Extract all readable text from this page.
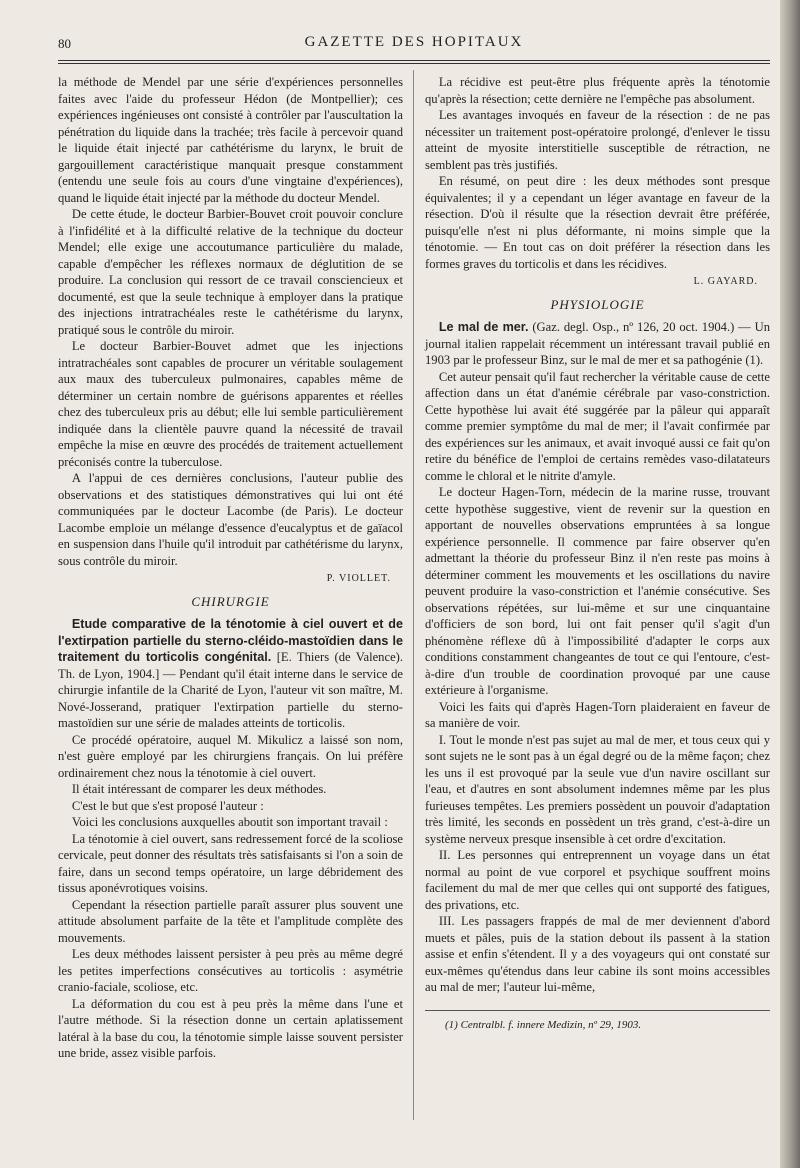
80	GAZETTE DES HOPITAUX

la méthode de Mendel par une série d'expériences personnelles faites avec l'aide du professeur Hédon (de Montpellier); ces expériences ingénieuses ont consisté à contrôler par l'auscultation la pénétration du liquide dans la trachée; très facile à percevoir quand le liquide était injecté par cathétérisme du larynx, le bruit de gargouillement caractéristique manquait presque constamment (entendu une seule fois au cours d'une vingtaine d'expériences), quand le liquide était injecté par la méthode du docteur Mendel.

De cette étude, le docteur Barbier-Bouvet croit pouvoir conclure à l'infidélité et à la difficulté relative de la technique du docteur Mendel; elle exige une accoutumance particulière du malade, capable d'empêcher les réflexes normaux de déglutition de se produire. La conclusion qui ressort de ce travail consciencieux et documenté, est que la seule technique à employer dans la pratique des injections intratrachéales reste le cathétérisme du larynx, pratiqué sous le contrôle du miroir.

Le docteur Barbier-Bouvet admet que les injections intratrachéales sont capables de procurer un véritable soulagement aux maux des tuberculeux pulmonaires, capables même de déterminer un certain nombre de guérisons apparentes et réelles chez des tuberculeux pris au début; elle lui semble particulièrement indiquée dans la clientèle pauvre quand la nécessité de travail empêche la mise en œuvre des procédés de traitement actuellement préconisés contre la tuberculose.

A l'appui de ces dernières conclusions, l'auteur publie des observations et des statistiques démonstratives qui lui ont été communiquées par le docteur Lacombe (de Paris). Le docteur Lacombe emploie un mélange d'essence d'eucalyptus et de gaïacol en suspension dans l'huile qu'il introduit par cathétérisme du larynx, sous contrôle du miroir.

P. VIOLLET.
CHIRURGIE

Etude comparative de la ténotomie à ciel ouvert et de l'extirpation partielle du sterno-cléido-mastoïdien dans le traitement du torticolis congénital. [E. Thiers (de Valence). Th. de Lyon, 1904.] — Pendant qu'il était interne dans le service de chirurgie infantile de la Charité de Lyon, l'auteur vit son maître, M. Nové-Josserand, pratiquer l'extirpation partielle du sterno-mastoïdien sur une série de malades atteints de torticolis.

Ce procédé opératoire, auquel M. Mikulicz a laissé son nom, n'est guère employé par les chirurgiens français. On lui préfère ordinairement chez nous la ténotomie à ciel ouvert.

Il était intéressant de comparer les deux méthodes.

C'est le but que s'est proposé l'auteur :

Voici les conclusions auxquelles aboutit son important travail :

La ténotomie à ciel ouvert, sans redressement forcé de la scoliose cervicale, peut donner des résultats très satisfaisants si l'on a soin de faire, dans un second temps opératoire, un large débridement des tissus aponévrotiques voisins.

Cependant la résection partielle paraît assurer plus souvent une attitude absolument parfaite de la tête et l'amplitude complète des mouvements.

Les deux méthodes laissent persister à peu près au même degré les petites imperfections consécutives au torticolis : asymétrie cranio-faciale, scoliose, etc.

La déformation du cou est à peu près la même dans l'une et l'autre méthode. Si la résection donne un certain aplatissement latéral à la base du cou, la ténotomie simple laisse souvent persister une bride, assez visible parfois.

La récidive est peut-être plus fréquente après la ténotomie qu'après la résection; cette dernière ne l'empêche pas absolument.

Les avantages invoqués en faveur de la résection : de ne pas nécessiter un traitement post-opératoire prolongé, d'enlever le tissu atteint de myosite interstitielle susceptible de rétraction, ne semblent pas très justifiés.

En résumé, on peut dire : les deux méthodes sont presque équivalentes; il y a cependant un léger avantage en faveur de la résection. D'où il résulte que la résection devrait être préférée, puisqu'elle n'est ni plus déformante, ni moins simple que la ténotomie. — En tout cas on doit préférer la résection dans les formes graves du torticolis et dans les récidives.

L. GAYARD.
PHYSIOLOGIE

Le mal de mer. (Gaz. degl. Osp., nº 126, 20 oct. 1904.) — Un journal italien rappelait récemment un intéressant travail publié en 1903 par le professeur Binz, sur le mal de mer et sa pathogénie (1).

Cet auteur pensait qu'il faut rechercher la véritable cause de cette affection dans un état d'anémie cérébrale par vaso-constriction. Cette hypothèse lui avait été suggérée par la pâleur qui apparaît comme premier symptôme du mal de mer; il l'avait confirmée par des expériences sur les animaux, et avait invoqué aussi ce fait qu'on retire du bénéfice de l'emploi de certains remèdes vaso-dilatateurs comme le chloral et le nitrite d'amyle.

Le docteur Hagen-Torn, médecin de la marine russe, trouvant cette hypothèse suggestive, vient de revenir sur la question en apportant de nouvelles observations empruntées à sa longue expérience personnelle. Il commence par faire observer qu'en admettant la théorie du professeur Binz il n'en reste pas moins à déterminer comment les mouvements et les oscillations du navire peuvent produire la vaso-constriction et l'anémie consécutive. Ses observations répétées, sur lui-même et sur une cinquantaine d'officiers de son bord, lui ont fait penser qu'il s'agit d'un phénomène réflexe dû à l'impossibilité d'adapter le corps aux conditions constamment changeantes de tout ce qui l'entoure, c'est-à-dire d'un trouble de coordination provoqué par une cause extérieure à l'organisme.

Voici les faits qui d'après Hagen-Torn plaideraient en faveur de sa manière de voir.

I. Tout le monde n'est pas sujet au mal de mer, et tous ceux qui y sont sujets ne le sont pas à un égal degré ou de la même façon; chez les uns il est provoqué par la seule vue d'un navire oscillant sur l'eau, et d'autres en sont absolument indemnes même par les plus furieuses tempêtes. Les premiers possèdent un pouvoir d'adaptation très limité, les seconds en possèdent un très grand, c'est-à-dire un système nerveux presque insensible à cet ordre d'excitation.

II. Les personnes qui entreprennent un voyage dans un état normal au point de vue corporel et psychique souffrent moins facilement du mal de mer que celles qui ont supporté des fatigues, des privations, etc.

III. Les passagers frappés de mal de mer deviennent d'abord muets et pâles, puis de la station debout ils passent à la station assise et enfin s'étendent. Il y a des voyageurs qui ont constaté sur eux-mêmes qu'étendus dans leur cabine ils sont moins accessibles au mal de mer; l'auteur lui-même,

(1) Centralbl. f. innere Medizin, nº 29, 1903.
